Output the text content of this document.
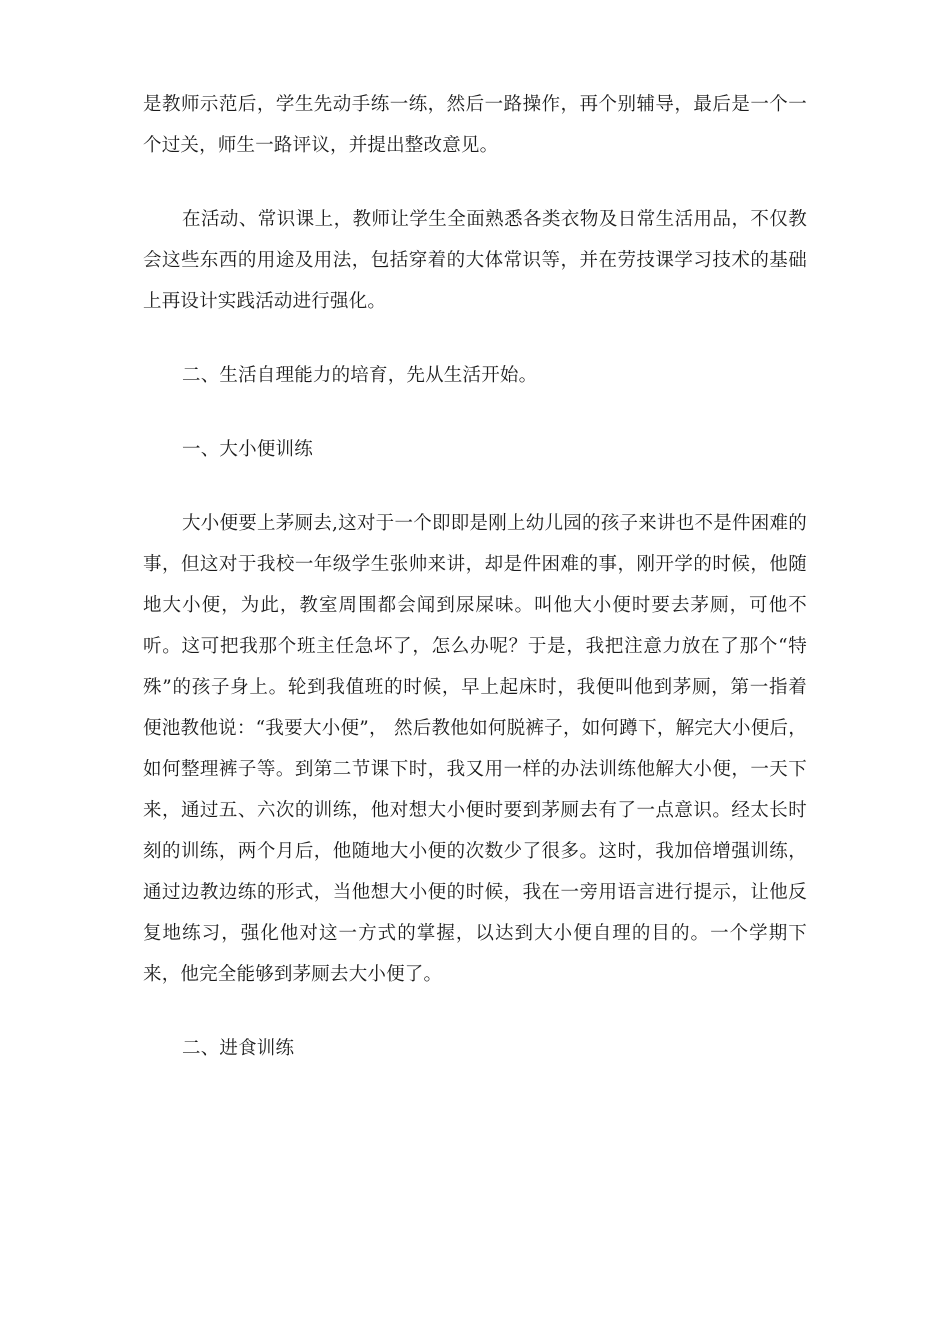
是教师示范后，学生先动手练一练，然后一路操作，再个别辅导，最后是一个一个过关，师生一路评议，并提出整改意见。

在活动、常识课上，教师让学生全面熟悉各类衣物及日常生活用品，不仅教会这些东西的用途及用法，包括穿着的大体常识等，并在劳技课学习技术的基础上再设计实践活动进行强化。

二、生活自理能力的培育，先从生活开始。

一、大小便训练

大小便要上茅厕去,这对于一个即即是刚上幼儿园的孩子来讲也不是件困难的事，但这对于我校一年级学生张帅来讲，却是件困难的事，刚开学的时候，他随地大小便，为此，教室周围都会闻到尿屎味。叫他大小便时要去茅厕，可他不听。这可把我那个班主任急坏了，怎么办呢？于是，我把注意力放在了那个“特殊”的孩子身上。轮到我值班的时候，早上起床时，我便叫他到茅厕，第一指着便池教他说：“我要大小便”， 然后教他如何脱裤子，如何蹲下，解完大小便后，如何整理裤子等。到第二节课下时，我又用一样的办法训练他解大小便，一天下来，通过五、六次的训练，他对想大小便时要到茅厕去有了一点意识。经太长时刻的训练，两个月后，他随地大小便的次数少了很多。这时，我加倍增强训练，通过边教边练的形式，当他想大小便的时候，我在一旁用语言进行提示，让他反复地练习，强化他对这一方式的掌握，以达到大小便自理的目的。一个学期下来，他完全能够到茅厕去大小便了。

二、进食训练
